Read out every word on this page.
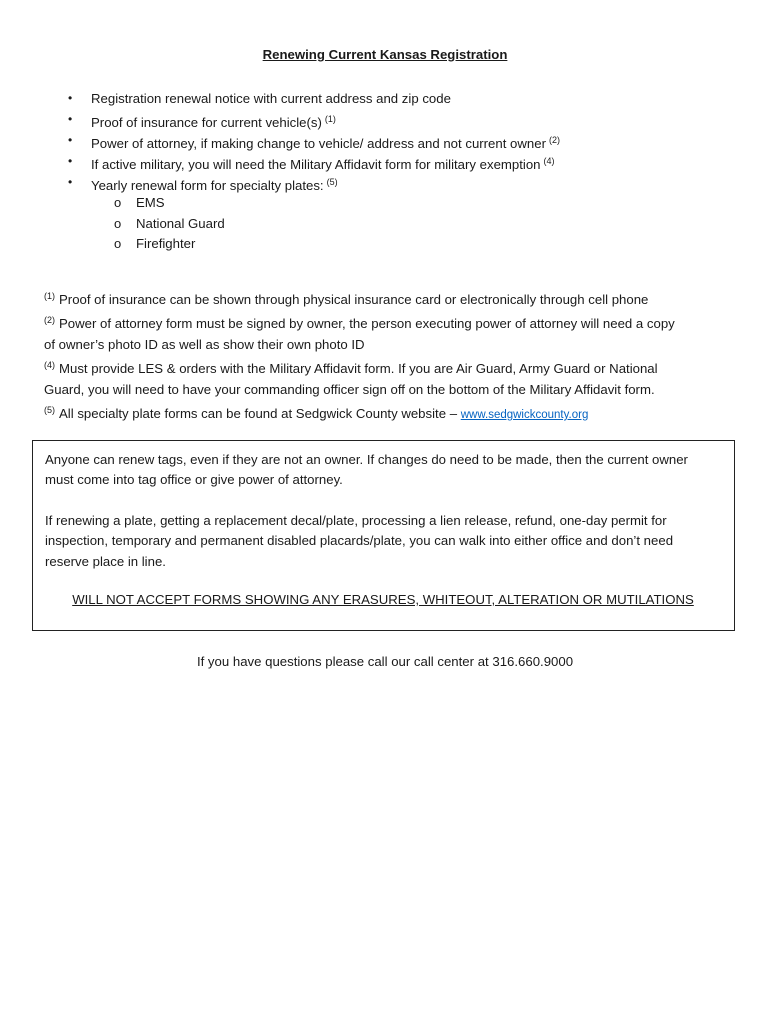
Renewing Current Kansas Registration
• Registration renewal notice with current address and zip code
• Proof of insurance for current vehicle(s) $^{(1)}$
• Power of attorney, if making change to vehicle/ address and not current owner $^{(2)}$
• If active military, you will need the Military Affidavit form for military exemption $^{(4)}$
• Yearly renewal form for specialty plates: $^{(5)}$
o EMS
o National Guard
o Firefighter
$^{(1)}$ Proof of insurance can be shown through physical insurance card or electronically through cell phone
$^{(2)}$ Power of attorney form must be signed by owner, the person executing power of attorney will need a copy
of owner’s photo ID as well as show their own photo ID
$^{(4)}$ Must provide LES & orders with the Military Affidavit form. If you are Air Guard, Army Guard or National
Guard, you will need to have your commanding officer sign off on the bottom of the Military Affidavit form.
$^{(5)}$ All specialty plate forms can be found at Sedgwick County website – www.sedgwickcounty.org
Anyone can renew tags, even if they are not an owner. If changes do need to be made, then the current owner
must come into tag office or give power of attorney.
If renewing a plate, getting a replacement decal/plate, processing a lien release, refund, one-day permit for
inspection, temporary and permanent disabled placards/plate, you can walk into either office and don’t need
reserve place in line.
WILL NOT ACCEPT FORMS SHOWING ANY ERASURES, WHITEOUT, ALTERATION OR MUTILATIONS
If you have questions please call our call center at 316.660.9000
